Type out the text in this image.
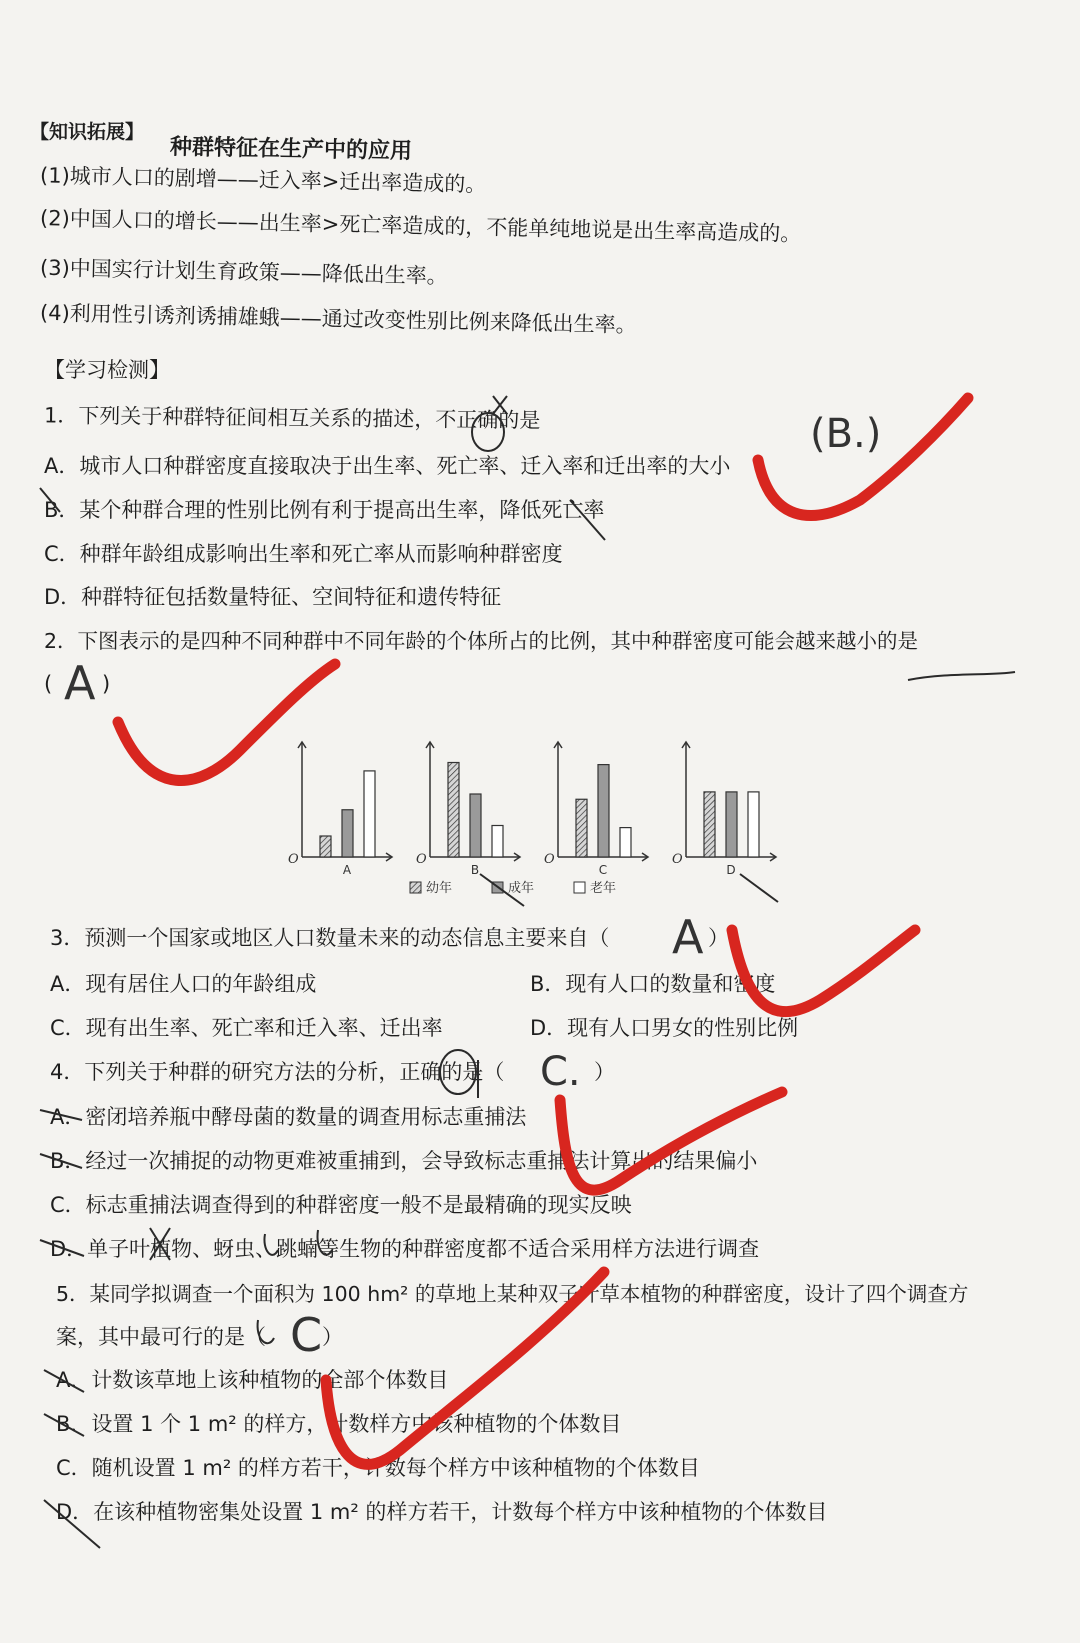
【知识拓展】
种群特征在生产中的应用
(1)城市人口的剧增——迁入率>迁出率造成的。
(2)中国人口的增长——出生率>死亡率造成的，不能单纯地说是出生率高造成的。
(3)中国实行计划生育政策——降低出生率。
(4)利用性引诱剂诱捕雄蛾——通过改变性别比例来降低出生率。
【学习检测】
1．下列关于种群特征间相互关系的描述，不正确的是	(B.)
A．城市人口种群密度直接取决于出生率、死亡率、迁入率和迁出率的大小
B．某个种群合理的性别比例有利于提高出生率，降低死亡率
C．种群年龄组成影响出生率和死亡率从而影响种群密度
D．种群特征包括数量特征、空间特征和遗传特征
2．下图表示的是四种不同种群中不同年龄的个体所占的比例，其中种群密度可能会越来越小的是
( A )
O
A
O
B
O
C
O
D
幼年	成年	老年
3．预测一个国家或地区人口数量未来的动态信息主要来自（ A ）
A．现有居住人口的年龄组成	B．现有人口的数量和密度
C．现有出生率、死亡率和迁入率、迁出率	D．现有人口男女的性别比例
4．下列关于种群的研究方法的分析，正确的是（ C. ）
A．密闭培养瓶中酵母菌的数量的调查用标志重捕法
B．经过一次捕捉的动物更难被重捕到，会导致标志重捕法计算出的结果偏小
C．标志重捕法调查得到的种群密度一般不是最精确的现实反映
D．单子叶植物、蚜虫、跳蝻等生物的种群密度都不适合采用样方法进行调查
5．某同学拟调查一个面积为 100 hm² 的草地上某种双子叶草本植物的种群密度，设计了四个调查方
案，其中最可行的是（ C ）
A．计数该草地上该种植物的全部个体数目
B．设置 1 个 1 m² 的样方，计数样方中该种植物的个体数目
C．随机设置 1 m² 的样方若干，计数每个样方中该种植物的个体数目
D．在该种植物密集处设置 1 m² 的样方若干，计数每个样方中该种植物的个体数目
